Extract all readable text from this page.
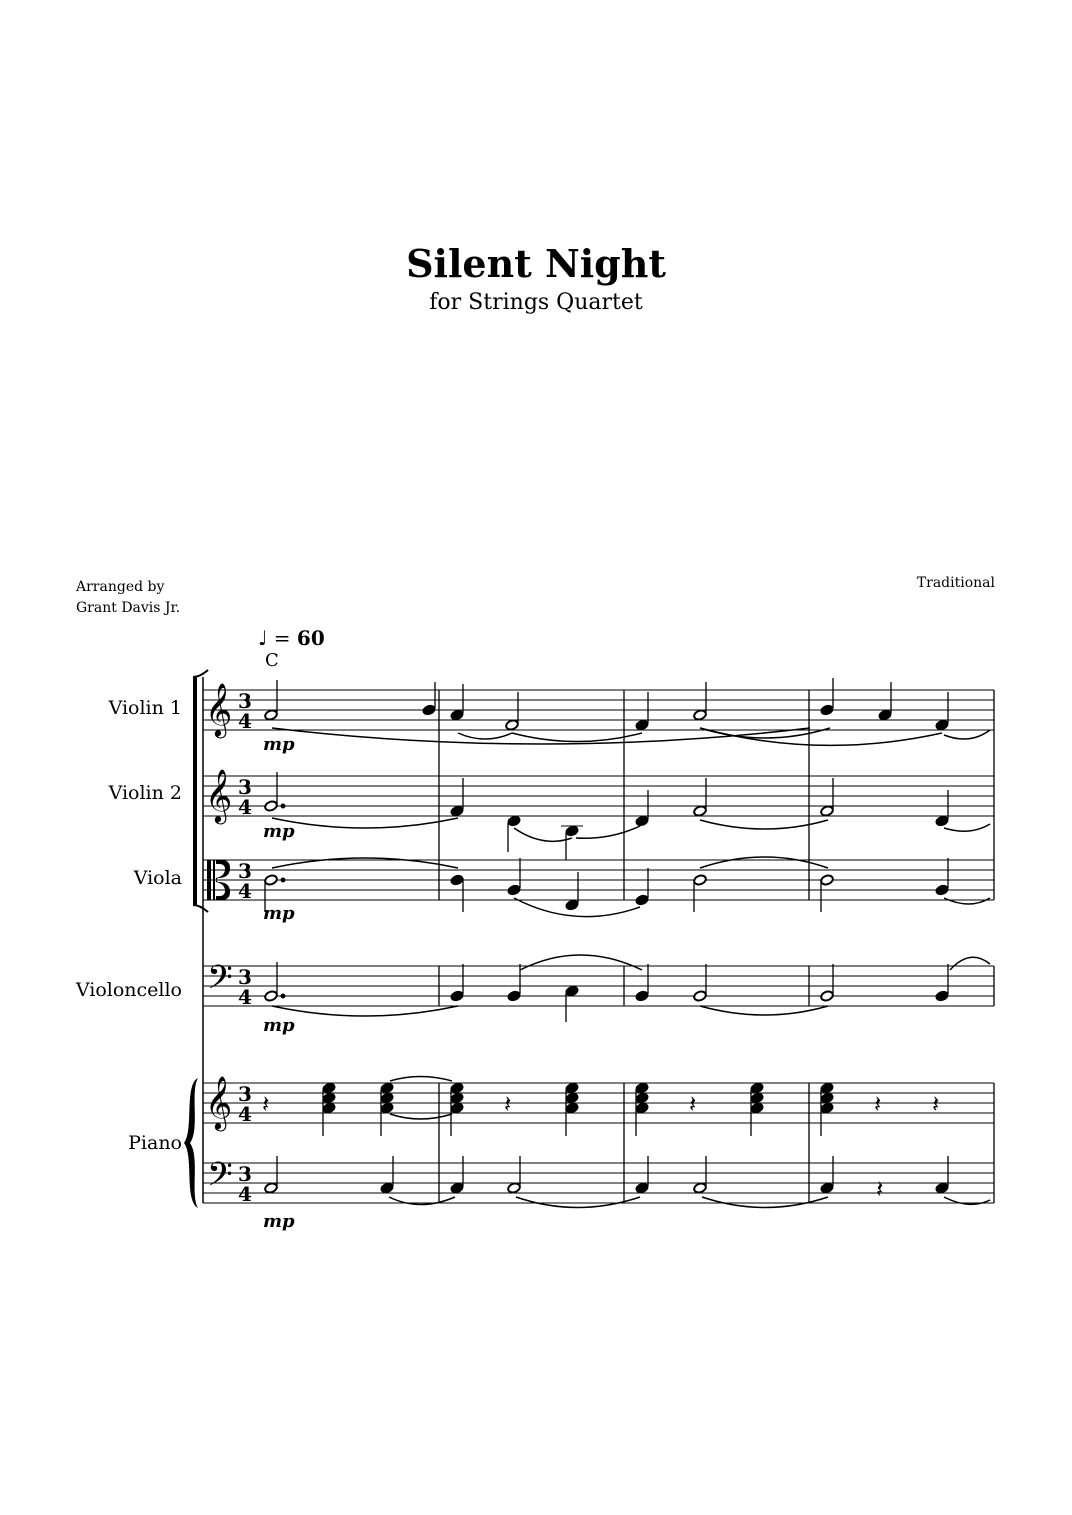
Silent Night
for Strings Quartet
Arranged by
Grant Davis Jr.
Traditional
♩ = 60
C
Violin 1
Violin 2
Viola
Violoncello
Piano
mp
mp
mp
mp
mp
𝄞
𝄞
𝄞
𝄢
𝄢
3
4
3
4
3
4
3
4
3
4
3
4
𝄽	𝄽	𝄽	𝄽 𝄽
𝄽
